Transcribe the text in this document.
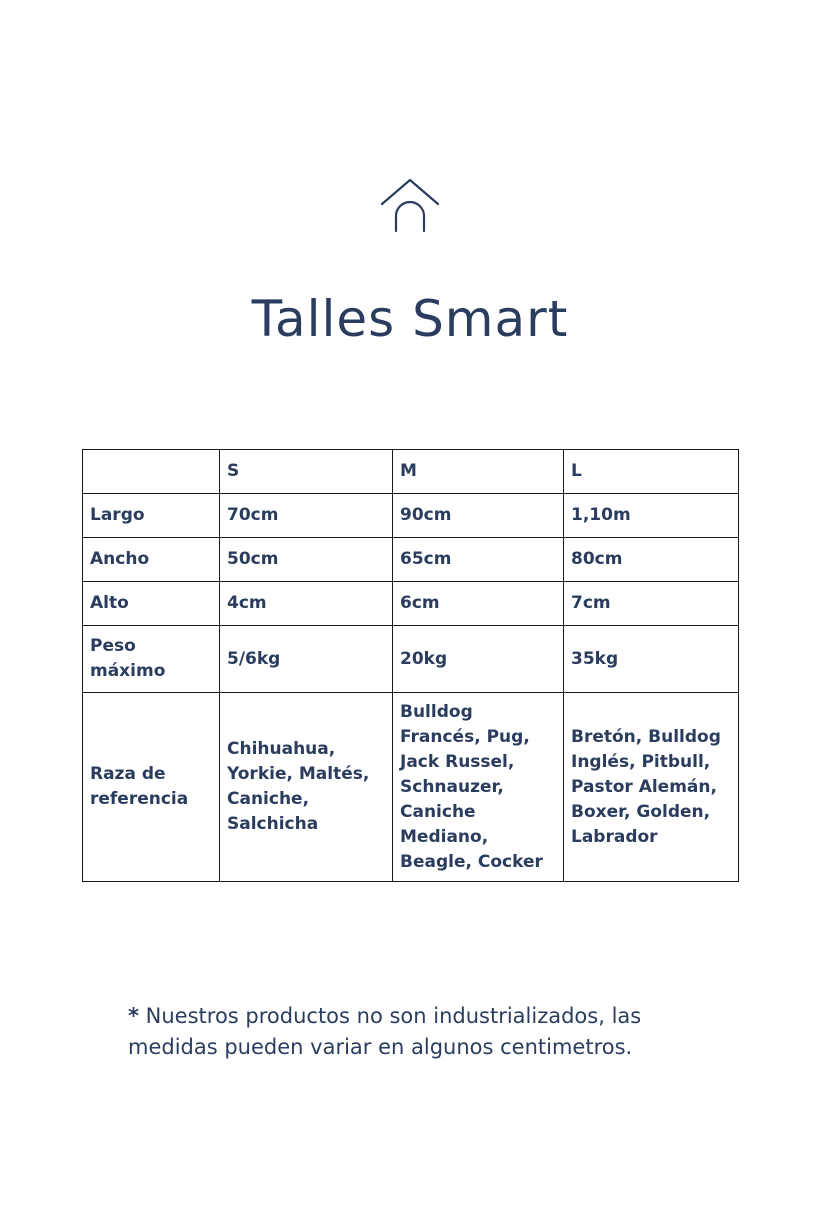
Talles Smart
	S	M	L
Largo	70cm	90cm	1,10m
Ancho	50cm	65cm	80cm
Alto	4cm	6cm	7cm
Peso máximo	5/6kg	20kg	35kg
Raza de referencia	Chihuahua, Yorkie, Maltés, Caniche, Salchicha	Bulldog Francés, Pug, Jack Russel, Schnauzer, Caniche Mediano, Beagle, Cocker	Bretón, Bulldog Inglés, Pitbull, Pastor Alemán, Boxer, Golden, Labrador

* Nuestros productos no son industrializados, las medidas pueden variar en algunos centimetros.
